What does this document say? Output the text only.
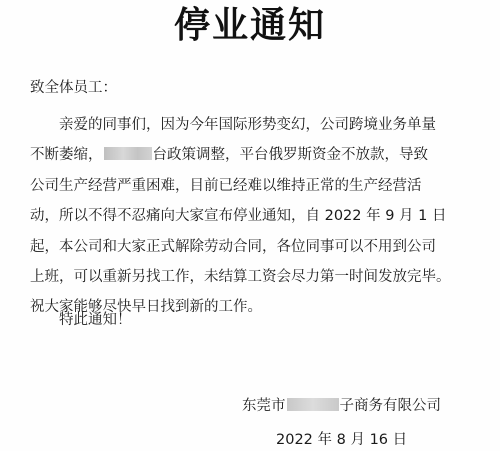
停业通知
致全体员工：
亲爱的同事们，因为今年国际形势变幻，公司跨境业务单量
不断萎缩，	台政策调整，平台俄罗斯资金不放款，导致
公司生产经营严重困难，目前已经难以维持正常的生产经营活
动，所以不得不忍痛向大家宣布停业通知，自 2022 年 9 月 1 日
起，本公司和大家正式解除劳动合同，各位同事可以不用到公司
上班，可以重新另找工作，未结算工资会尽力第一时间发放完毕。
祝大家能够尽快早日找到新的工作。
特此通知！
东莞市	子商务有限公司
2022 年 8 月 16 日
